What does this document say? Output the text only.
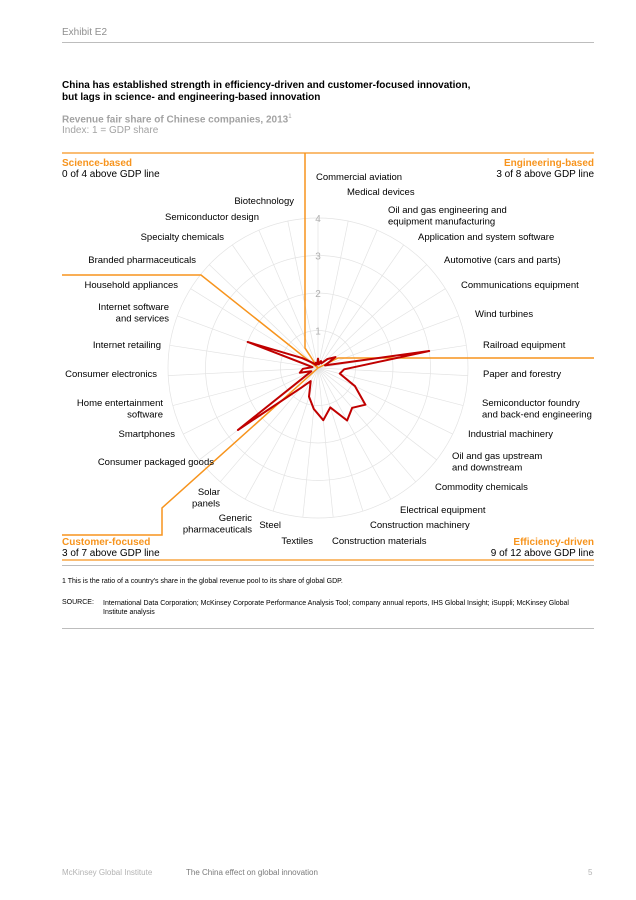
Exhibit E2
China has established strength in efficiency-driven and customer-focused innovation,
but lags in science- and engineering-based innovation
Revenue fair share of Chinese companies, 2013$^1$
Index: 1 = GDP share
1
2
3
4
Commercial aviation
Medical devices
Oil and gas engineering and equipment manufacturing
Application and system software
Automotive (cars and parts)
Communications equipment
Wind turbines
Railroad equipment
Paper and forestry
Semiconductor foundry and back-end engineering
Industrial machinery
Oil and gas upstream and downstream
Commodity chemicals
Electrical equipment
Construction machinery
Construction materials
Textiles
Steel
Generic pharmaceuticals
Solar panels
Consumer packaged goods
Smartphones
Home entertainment software
Consumer electronics
Internet retailing
Internet software and services
Household appliances
Branded pharmaceuticals
Specialty chemicals
Semiconductor design
Biotechnology
Science-based
0 of 4 above GDP line
Engineering-based
3 of 8 above GDP line
Customer-focused
3 of 7 above GDP line
Efficiency-driven
9 of 12 above GDP line
1 This is the ratio of a country's share in the global revenue pool to its share of global GDP.
SOURCE: International Data Corporation; McKinsey Corporate Performance Analysis Tool; company annual reports, IHS Global Insight; iSuppli; McKinsey Global Institute analysis
McKinsey Global Institute	The China effect on global innovation	5
